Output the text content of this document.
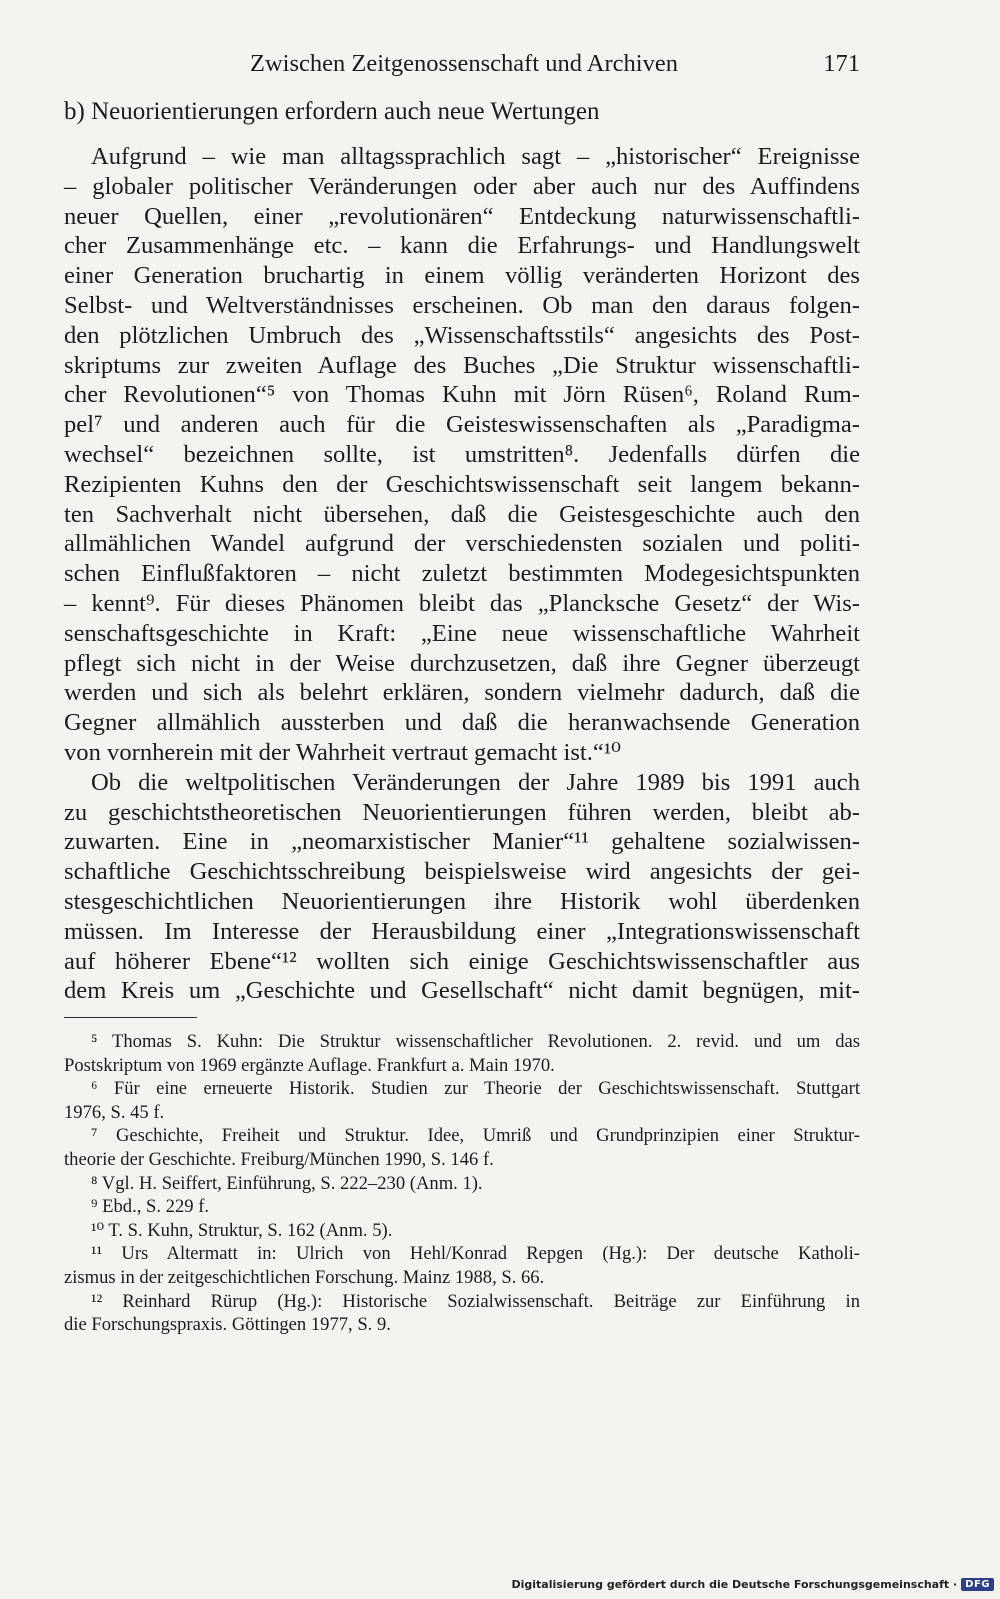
Zwischen Zeitgenossenschaft und Archiven	171
b) Neuorientierungen erfordern auch neue Wertungen
Aufgrund – wie man alltagssprachlich sagt – „historischer“ Ereignisse
– globaler politischer Veränderungen oder aber auch nur des Auffindens
neuer Quellen, einer „revolutionären“ Entdeckung naturwissenschaftli-
cher Zusammenhänge etc. – kann die Erfahrungs- und Handlungswelt
einer Generation bruchartig in einem völlig veränderten Horizont des
Selbst- und Weltverständnisses erscheinen. Ob man den daraus folgen-
den plötzlichen Umbruch des „Wissenschaftsstils“ angesichts des Post-
skriptums zur zweiten Auflage des Buches „Die Struktur wissenschaftli-
cher Revolutionen“⁵ von Thomas Kuhn mit Jörn Rüsen⁶, Roland Rum-
pel⁷ und anderen auch für die Geisteswissenschaften als „Paradigma-
wechsel“ bezeichnen sollte, ist umstritten⁸. Jedenfalls dürfen die
Rezipienten Kuhns den der Geschichtswissenschaft seit langem bekann-
ten Sachverhalt nicht übersehen, daß die Geistesgeschichte auch den
allmählichen Wandel aufgrund der verschiedensten sozialen und politi-
schen Einflußfaktoren – nicht zuletzt bestimmten Modegesichtspunkten
– kennt⁹. Für dieses Phänomen bleibt das „Plancksche Gesetz“ der Wis-
senschaftsgeschichte in Kraft: „Eine neue wissenschaftliche Wahrheit
pflegt sich nicht in der Weise durchzusetzen, daß ihre Gegner überzeugt
werden und sich als belehrt erklären, sondern vielmehr dadurch, daß die
Gegner allmählich aussterben und daß die heranwachsende Generation
von vornherein mit der Wahrheit vertraut gemacht ist.“¹⁰
Ob die weltpolitischen Veränderungen der Jahre 1989 bis 1991 auch
zu geschichtstheoretischen Neuorientierungen führen werden, bleibt ab-
zuwarten. Eine in „neomarxistischer Manier“¹¹ gehaltene sozialwissen-
schaftliche Geschichtsschreibung beispielsweise wird angesichts der gei-
stesgeschichtlichen Neuorientierungen ihre Historik wohl überdenken
müssen. Im Interesse der Herausbildung einer „Integrationswissenschaft
auf höherer Ebene“¹² wollten sich einige Geschichtswissenschaftler aus
dem Kreis um „Geschichte und Gesellschaft“ nicht damit begnügen, mit-
⁵ Thomas S. Kuhn: Die Struktur wissenschaftlicher Revolutionen. 2. revid. und um das
Postskriptum von 1969 ergänzte Auflage. Frankfurt a. Main 1970.
⁶ Für eine erneuerte Historik. Studien zur Theorie der Geschichtswissenschaft. Stuttgart
1976, S. 45 f.
⁷ Geschichte, Freiheit und Struktur. Idee, Umriß und Grundprinzipien einer Struktur-
theorie der Geschichte. Freiburg/München 1990, S. 146 f.
⁸ Vgl. H. Seiffert, Einführung, S. 222–230 (Anm. 1).
⁹ Ebd., S. 229 f.
¹⁰ T. S. Kuhn, Struktur, S. 162 (Anm. 5).
¹¹ Urs Altermatt in: Ulrich von Hehl/Konrad Repgen (Hg.): Der deutsche Katholi-
zismus in der zeitgeschichtlichen Forschung. Mainz 1988, S. 66.
¹² Reinhard Rürup (Hg.): Historische Sozialwissenschaft. Beiträge zur Einführung in
die Forschungspraxis. Göttingen 1977, S. 9.
Digitalisierung gefördert durch die Deutsche Forschungsgemeinschaft · DFG
